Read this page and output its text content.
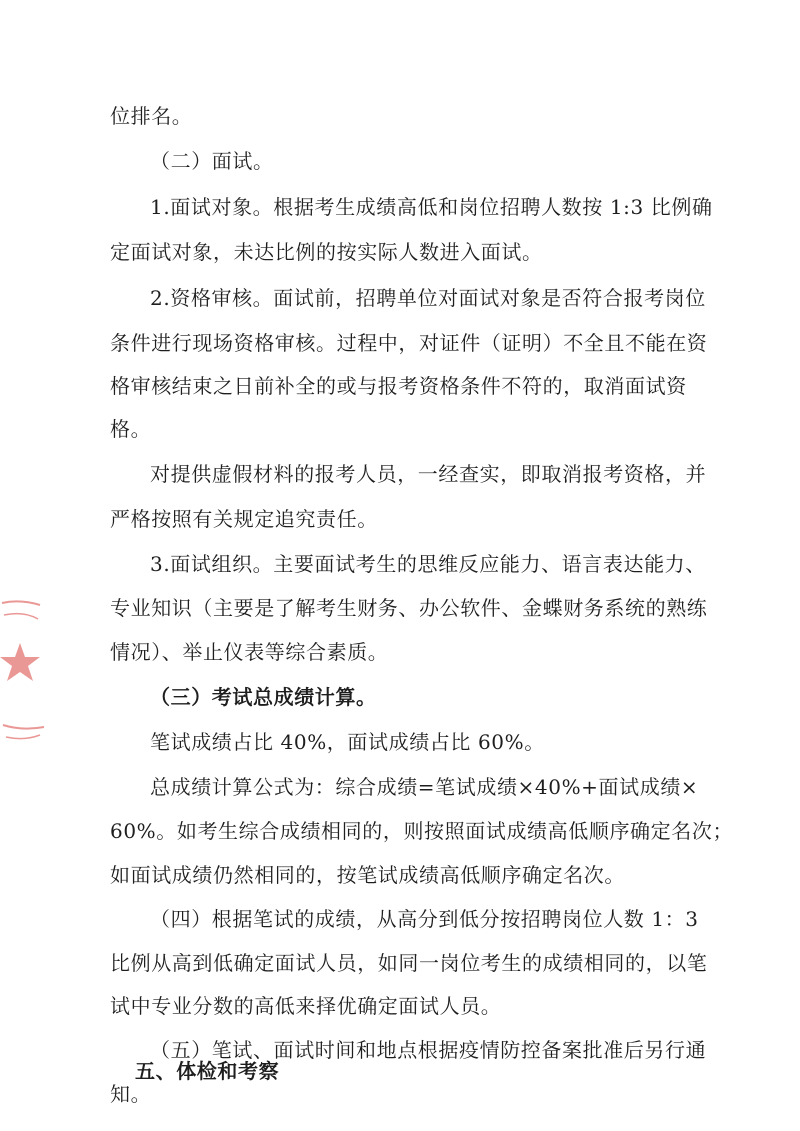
位排名。
（二）面试。
1.面试对象。根据考生成绩高低和岗位招聘人数按 1:3 比例确
定面试对象，未达比例的按实际人数进入面试。
2.资格审核。面试前，招聘单位对面试对象是否符合报考岗位
条件进行现场资格审核。过程中，对证件（证明）不全且不能在资
格审核结束之日前补全的或与报考资格条件不符的，取消面试资
格。
对提供虚假材料的报考人员，一经查实，即取消报考资格，并
严格按照有关规定追究责任。
3.面试组织。主要面试考生的思维反应能力、语言表达能力、
专业知识（主要是了解考生财务、办公软件、金蝶财务系统的熟练
情况）、举止仪表等综合素质。
（三）考试总成绩计算。
笔试成绩占比 40%，面试成绩占比 60%。
总成绩计算公式为：综合成绩=笔试成绩×40%+面试成绩×
60%。如考生综合成绩相同的，则按照面试成绩高低顺序确定名次；
如面试成绩仍然相同的，按笔试成绩高低顺序确定名次。
（四）根据笔试的成绩，从高分到低分按招聘岗位人数 1：3
比例从高到低确定面试人员，如同一岗位考生的成绩相同的，以笔
试中专业分数的高低来择优确定面试人员。
（五）笔试、面试时间和地点根据疫情防控备案批准后另行通
知。
五、体检和考察
